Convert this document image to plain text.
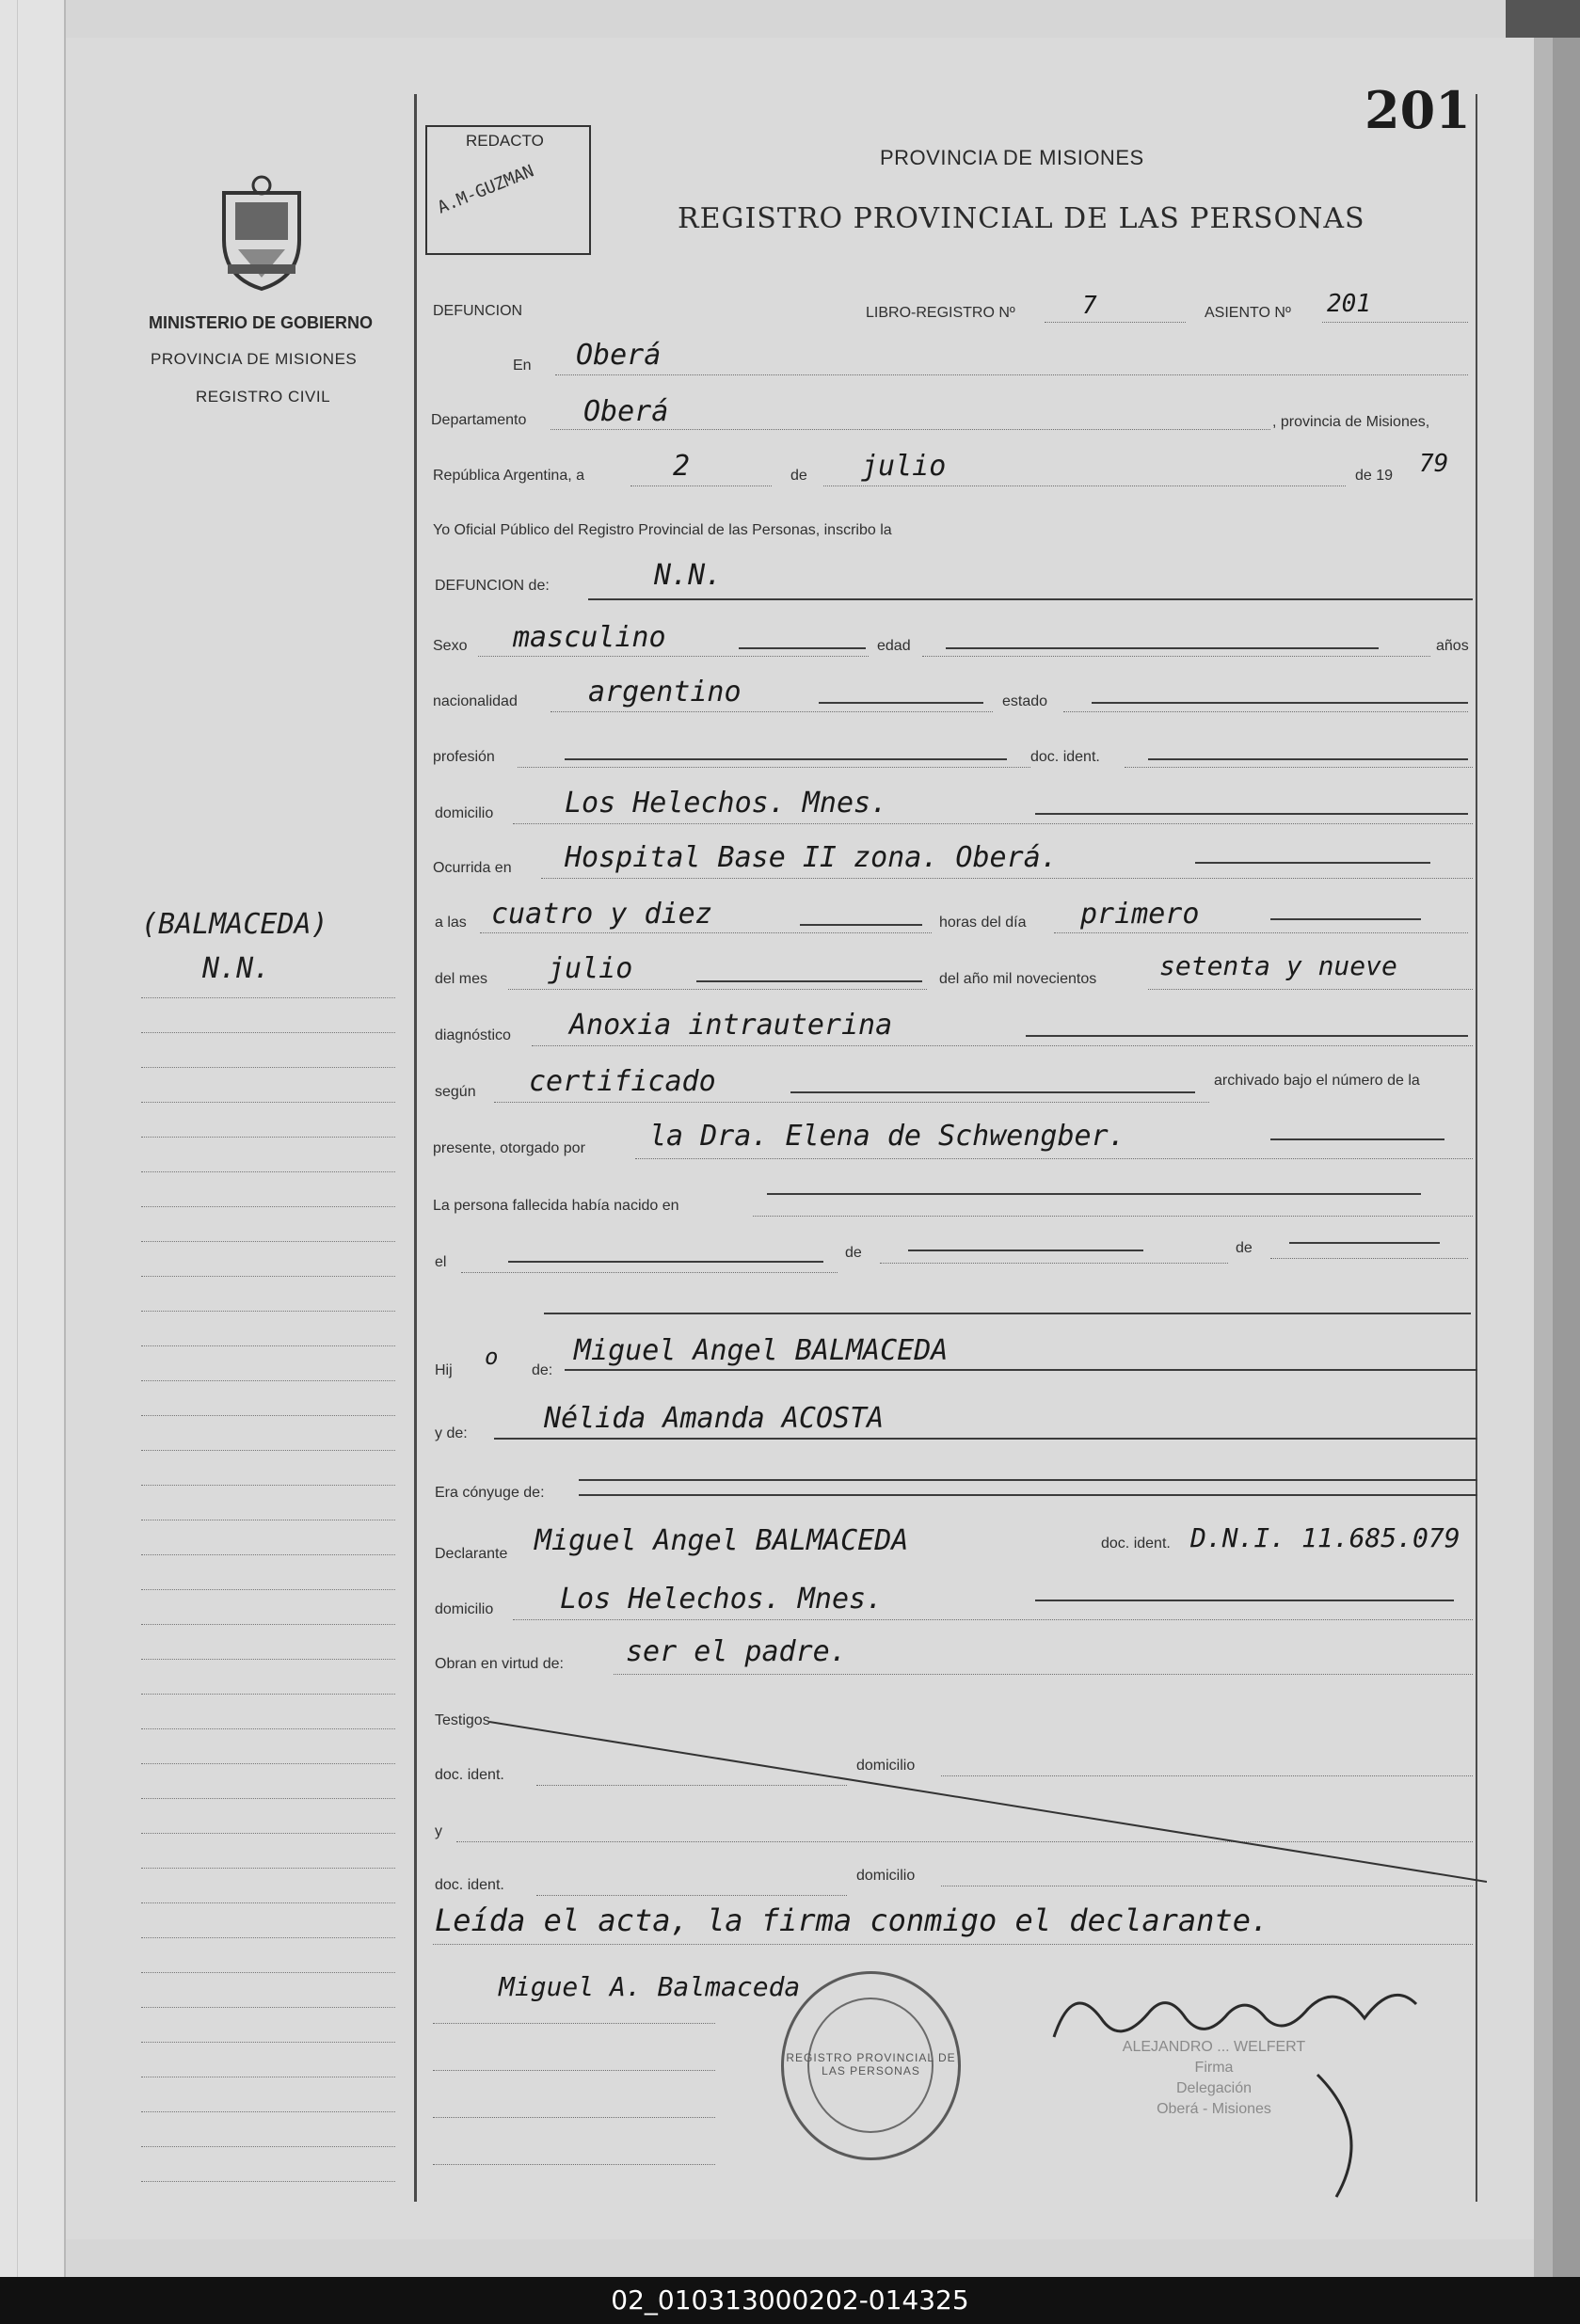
201
REDACTO
A.M-GUZMAN
PROVINCIA DE MISIONES
REGISTRO PROVINCIAL DE LAS PERSONAS
MINISTERIO DE GOBIERNO
PROVINCIA DE MISIONES
REGISTRO CIVIL
(BALMACEDA)
N.N.
DEFUNCION	LIBRO-REGISTRO Nº	7	ASIENTO Nº 201
En Oberá
Departamento Oberá	, provincia de Misiones,
República Argentina, a	2	de julio	de 19 79
Yo Oficial Público del Registro Provincial de las Personas, inscribo la
DEFUNCION de:	N.N.
Sexo masculino	edad	años
nacionalidad	argentino	estado
profesión	doc. ident.
domicilio	Los Helechos. Mnes.
Ocurrida en Hospital Base II zona. Oberá.
a las cuatro y diez	horas del día primero
del mes julio	del año mil novecientos setenta y nueve
diagnóstico Anoxia intrauterina
según certificado	archivado bajo el número de la
presente, otorgado por la Dra. Elena de Schwengber.
La persona fallecida había nacido en
el
de	de
Hij
o
de:
Miguel Angel BALMACEDA
y de:	Nélida Amanda ACOSTA
Era cónyuge de:
Declarante Miguel Angel BALMACEDA	doc. ident. D.N.I. 11.685.079
domicilio Los Helechos. Mnes.
Obran en virtud de: ser el padre.
Testigos
doc. ident.
domicilio
y
doc. ident.
domicilio
Leída el acta, la firma conmigo el declarante.
Miguel A. Balmaceda
REGISTRO PROVINCIAL DE LAS PERSONAS
ALEJANDRO ... WELFERT
Firma
Delegación
Oberá - Misiones
02_010313000202-014325
